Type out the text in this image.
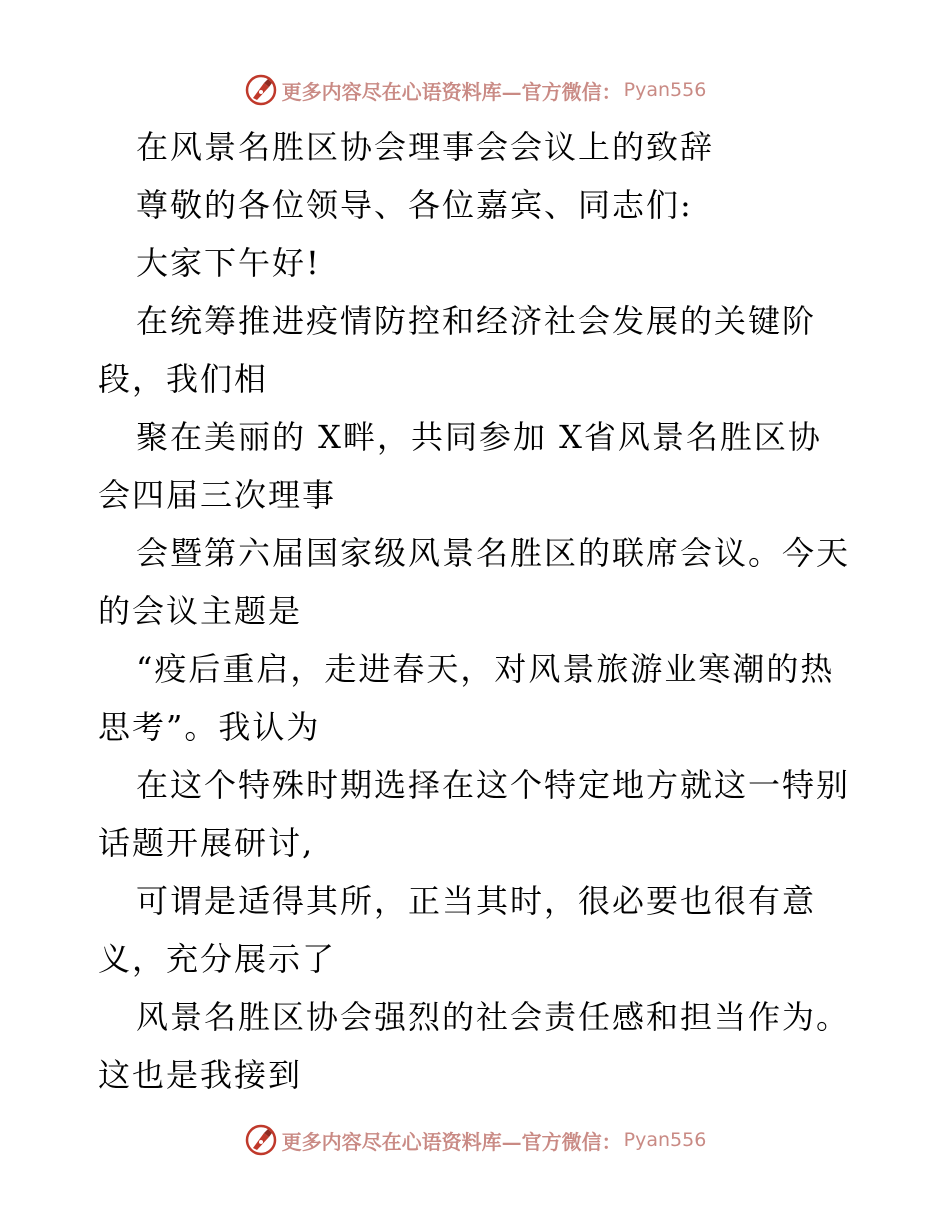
更多内容尽在心语资料库—官方微信： Pyan556
在风景名胜区协会理事会会议上的致辞
尊敬的各位领导、各位嘉宾、同志们:
大家下午好!
在统筹推进疫情防控和经济社会发展的关键阶
段，我们相
聚在美丽的 X畔，共同参加 X省风景名胜区协
会四届三次理事
会暨第六届国家级风景名胜区的联席会议。今天
的会议主题是
“疫后重启，走进春天，对风景旅游业寒潮的热
思考”。我认为
在这个特殊时期选择在这个特定地方就这一特别
话题开展研讨,
可谓是适得其所，正当其时，很必要也很有意
义，充分展示了
风景名胜区协会强烈的社会责任感和担当作为。
这也是我接到
更多内容尽在心语资料库—官方微信： Pyan556
